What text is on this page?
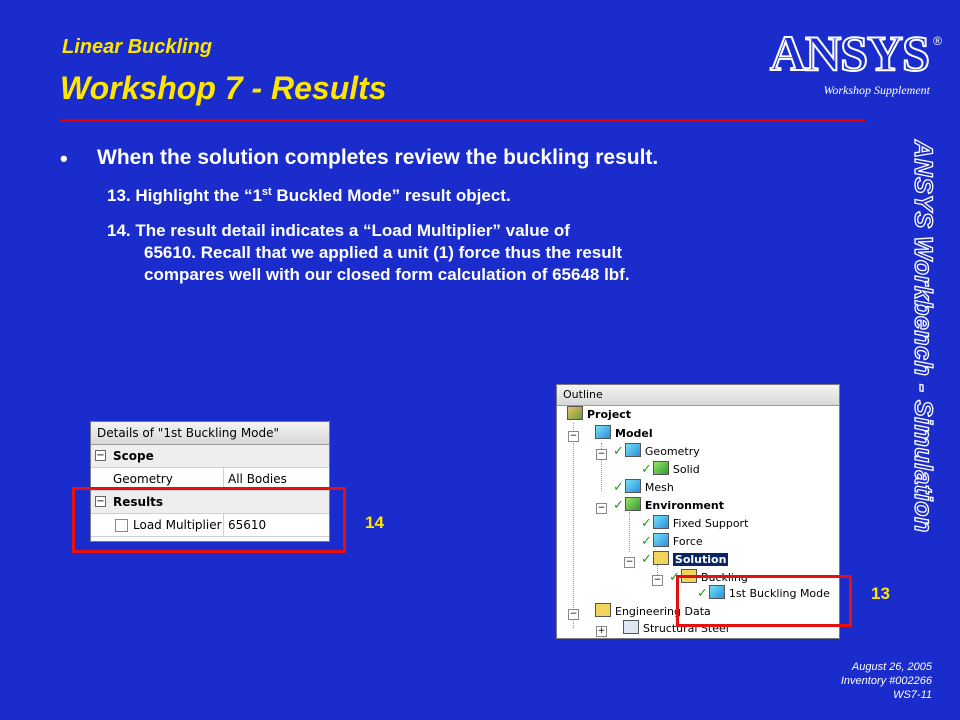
Linear Buckling
Workshop 7 - Results
ANSYS ®
Workshop Supplement
ANSYS Workbench - Simulation
• When the solution completes review the buckling result.
13. Highlight the “1st Buckled Mode” result object.
14. The result detail indicates a “Load Multiplier” value of
65610. Recall that we applied a unit (1) force thus the result
compares well with our closed form calculation of 65648 lbf.
Details of "1st Buckling Mode"
− Scope
Geometry	All Bodies
− Results
Load Multiplier 65610
Outline
Project
−	Model
− ✓ Geometry
✓ Solid
✓ Mesh
− ✓ Environment
✓ Fixed Support
✓ Force
− ✓ Solution
− ✓ Buckling
✓ 1st Buckling Mode
−	Engineering Data
+	Structural Steel
14
13
August 26, 2005
Inventory #002266
WS7-11
